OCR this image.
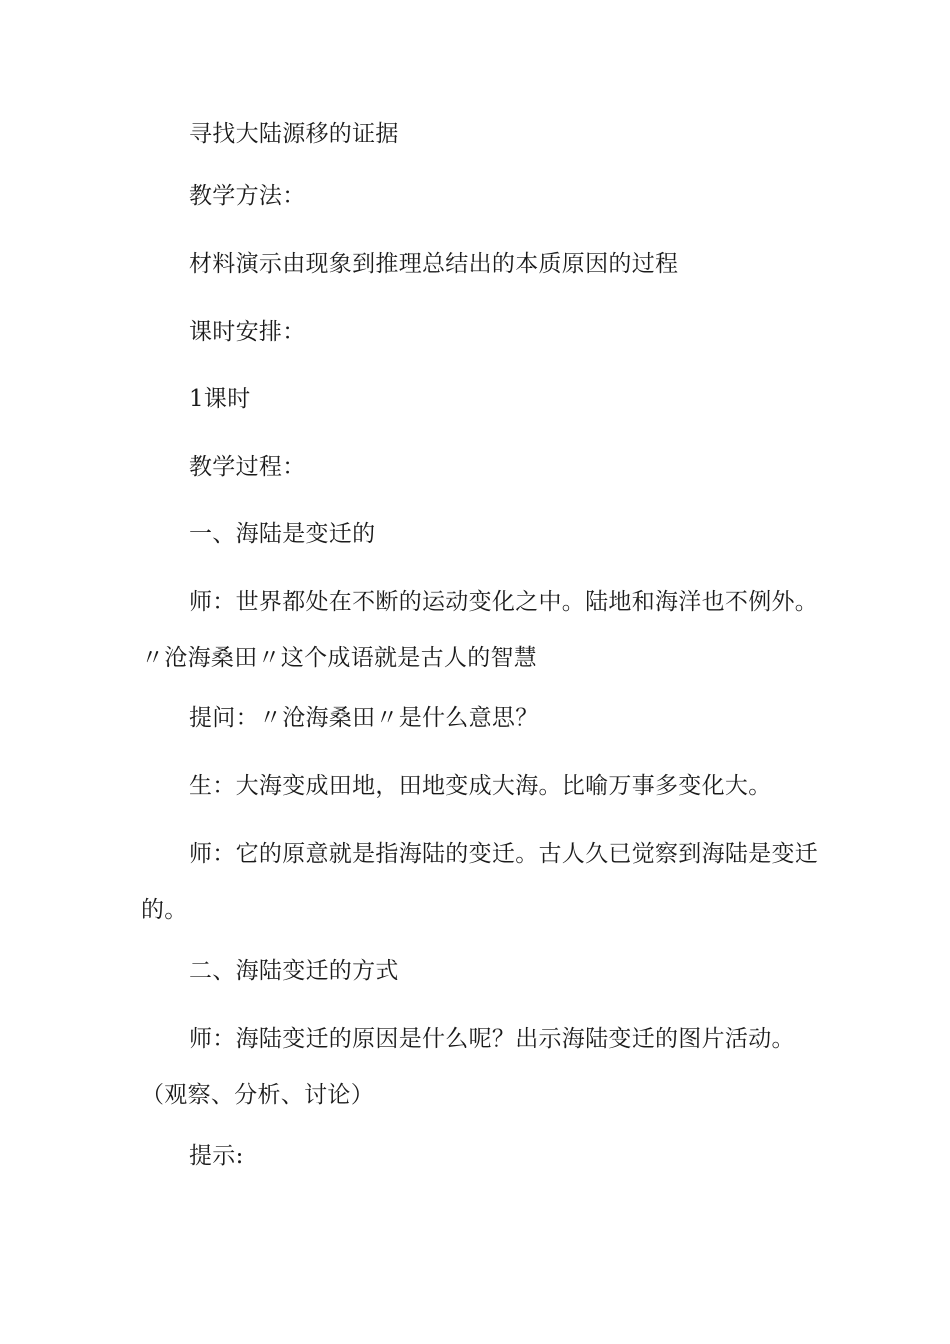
寻找大陆源移的证据

教学方法：

材料演示由现象到推理总结出的本质原因的过程

课时安排：

1课时

教学过程：

一、海陆是变迁的

师：世界都处在不断的运动变化之中。陆地和海洋也不例外。〃沧海桑田〃这个成语就是古人的智慧

提问：〃沧海桑田〃是什么意思？

生：大海变成田地，田地变成大海。比喻万事多变化大。

师：它的原意就是指海陆的变迁。古人久已觉察到海陆是变迁的。

二、海陆变迁的方式

师：海陆变迁的原因是什么呢？出示海陆变迁的图片活动。（观察、分析、讨论）

提示:
